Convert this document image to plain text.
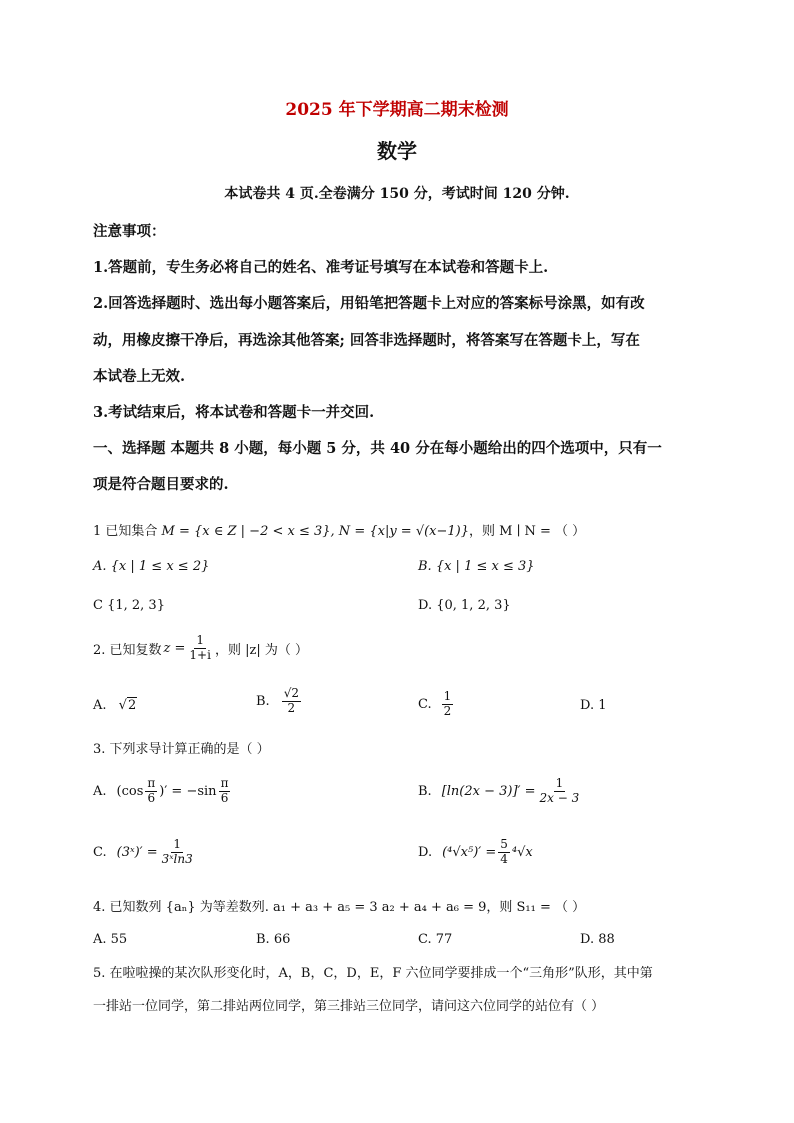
2025 年下学期高二期末检测
数学
本试卷共 4 页.全卷满分 150 分，考试时间 120 分钟.
注意事项：
1.答题前，专生务必将自己的姓名、准考证号填写在本试卷和答题卡上.
2.回答选择题时、选出每小题答案后，用铅笔把答题卡上对应的答案标号涂黑，如有改
动，用橡皮擦干净后，再选涂其他答案; 回答非选择题时，将答案写在答题卡上，写在
本试卷上无效.
3.考试结束后，将本试卷和答题卡一并交回.
一、选择题 本题共 8 小题，每小题 5 分，共 40 分在每小题给出的四个选项中，只有一
项是符合题目要求的.
1 已知集合 M = {x ∈ Z | −2 < x ≤ 3}, N = {x|y = √(x−1)}，则 M ∣ N = （ ）
A. {x | 1 ≤ x ≤ 2}	B. {x | 1 ≤ x ≤ 3}
C {1, 2, 3}	D. {0, 1, 2, 3}
2. 已知复数 $z = \frac{1}{1+i}$ ，则 |z| 为（ ）
A. √2	B. $\frac{√2}{2}$	C. $\frac{1}{2}$	D. 1
3. 下列求导计算正确的是（ ）
A. ($\cos \frac{\pi}{6}$ )′ = $-\sin \frac{\pi}{6}$	B. $[\ln(2x - 3)]' = \frac{1}{2x - 3}$
C. (3ˣ)′ = $\frac{1}{\text{3ˣln3}}$	D. $(^4√x^5)' = \frac{5}{4} ^4√x$
4. 已知数列 {aₙ} 为等差数列. a₁ + a₃ + a₅ = 3 a₂ + a₄ + a₆ = 9，则 S₁₁ = （ ）
A. 55	B. 66	C. 77	D. 88
5. 在啦啦操的某次队形变化时，A，B，C，D，E，F 六位同学要排成一个“三角形”队形，其中第
一排站一位同学，第二排站两位同学，第三排站三位同学，请问这六位同学的站位有（ ）
